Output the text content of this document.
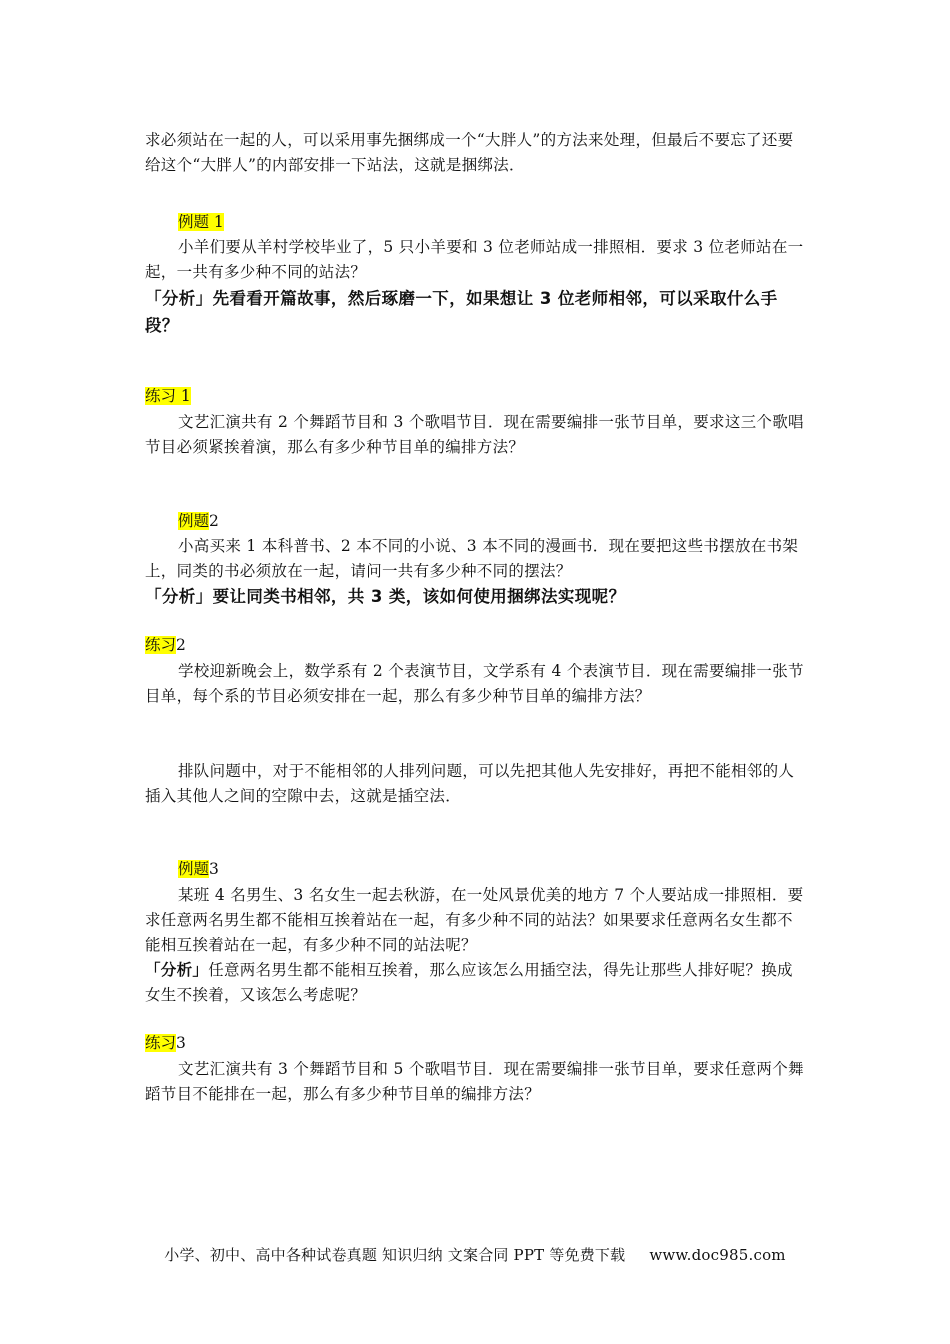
求必须站在一起的人，可以采用事先捆绑成一个“大胖人”的方法来处理，但最后不要忘了还要给这个“大胖人”的内部安排一下站法，这就是捆绑法．

例题 1

小羊们要从羊村学校毕业了，5 只小羊要和 3 位老师站成一排照相．要求 3 位老师站在一起，一共有多少种不同的站法？

「分析」先看看开篇故事，然后琢磨一下，如果想让 3 位老师相邻，可以采取什么手段？

练习 1

文艺汇演共有 2 个舞蹈节目和 3 个歌唱节目．现在需要编排一张节目单，要求这三个歌唱节目必须紧挨着演，那么有多少种节目单的编排方法？

例题2

小高买来 1 本科普书、2 本不同的小说、3 本不同的漫画书．现在要把这些书摆放在书架上，同类的书必须放在一起，请问一共有多少种不同的摆法？

「分析」要让同类书相邻，共 3 类，该如何使用捆绑法实现呢？

练习2

学校迎新晚会上，数学系有 2 个表演节目，文学系有 4 个表演节目．现在需要编排一张节目单，每个系的节目必须安排在一起，那么有多少种节目单的编排方法？

排队问题中，对于不能相邻的人排列问题，可以先把其他人先安排好，再把不能相邻的人插入其他人之间的空隙中去，这就是插空法．

例题3

某班 4 名男生、3 名女生一起去秋游，在一处风景优美的地方 7 个人要站成一排照相．要求任意两名男生都不能相互挨着站在一起，有多少种不同的站法？如果要求任意两名女生都不能相互挨着站在一起，有多少种不同的站法呢？

「分析」任意两名男生都不能相互挨着，那么应该怎么用插空法，得先让那些人排好呢？换成女生不挨着，又该怎么考虑呢？

练习3

文艺汇演共有 3 个舞蹈节目和 5 个歌唱节目．现在需要编排一张节目单，要求任意两个舞蹈节目不能排在一起，那么有多少种节目单的编排方法？

小学、初中、高中各种试卷真题 知识归纳 文案合同 PPT 等免费下载 www.doc985.com
